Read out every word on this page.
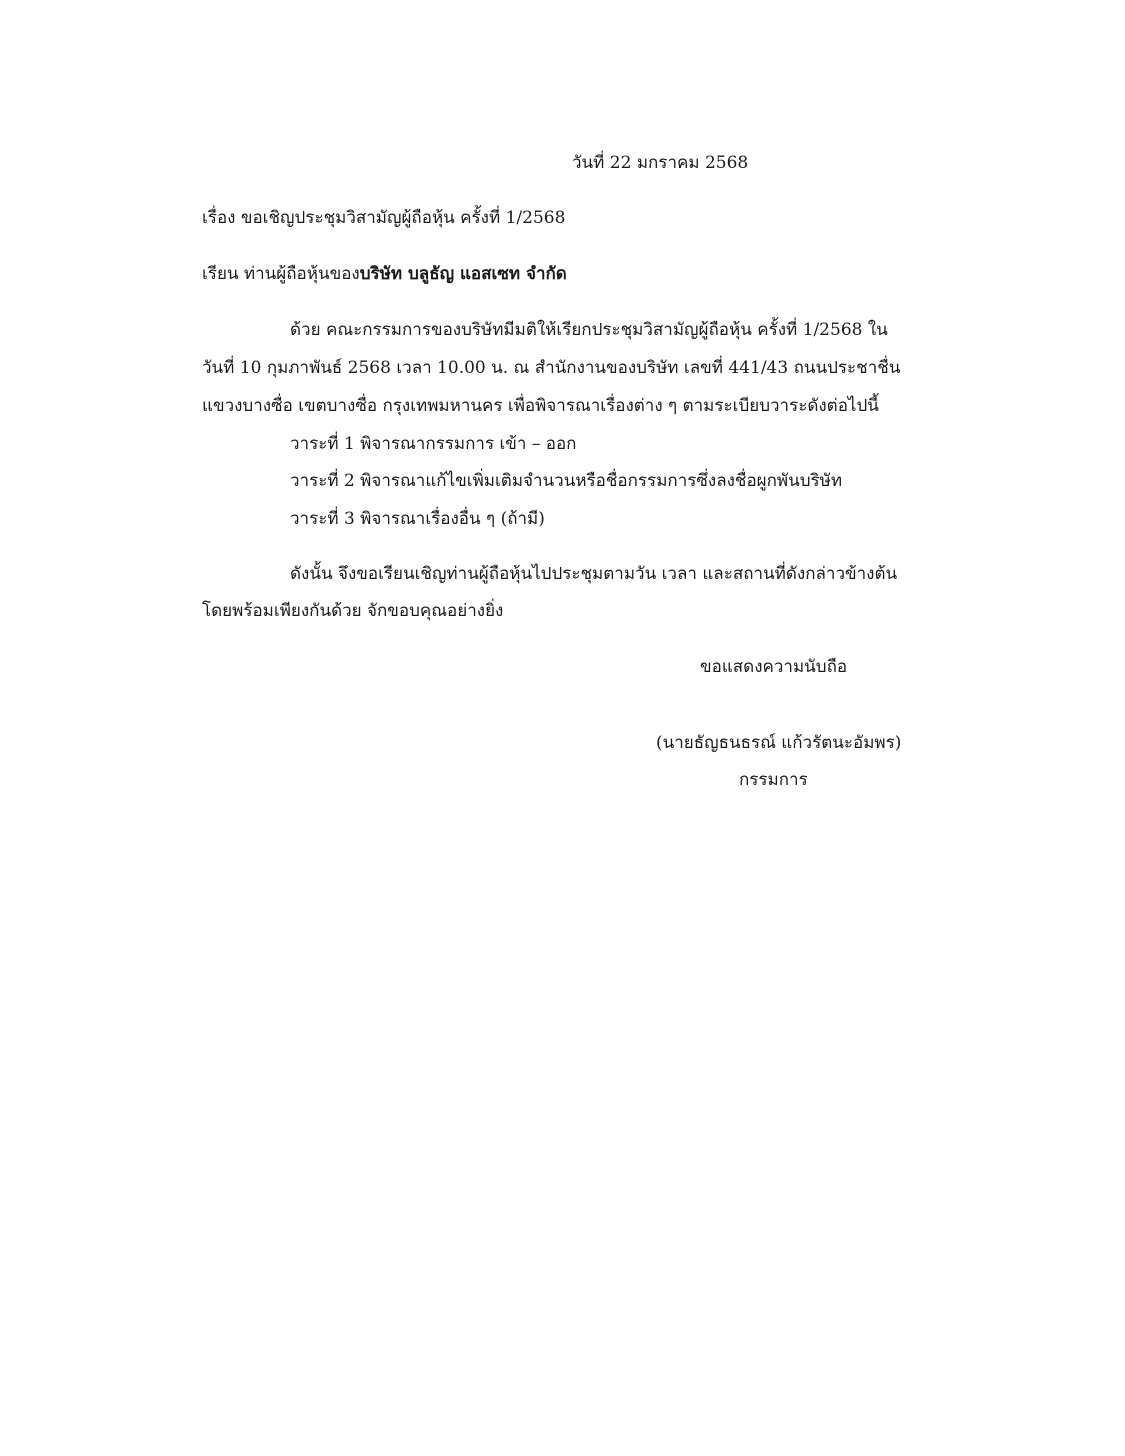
วันที่ 22 มกราคม 2568
เรื่อง ขอเชิญประชุมวิสามัญผู้ถือหุ้น ครั้งที่ 1/2568
เรียน ท่านผู้ถือหุ้นของบริษัท บลูธัญ แอสเซท จำกัด
ด้วย คณะกรรมการของบริษัทมีมติให้เรียกประชุมวิสามัญผู้ถือหุ้น ครั้งที่ 1/2568 ใน
วันที่ 10 กุมภาพันธ์ 2568 เวลา 10.00 น. ณ สำนักงานของบริษัท เลขที่ 441/43 ถนนประชาชื่น
แขวงบางซื่อ เขตบางซื่อ กรุงเทพมหานคร เพื่อพิจารณาเรื่องต่าง ๆ ตามระเบียบวาระดังต่อไปนี้
วาระที่ 1 พิจารณากรรมการ เข้า – ออก
วาระที่ 2 พิจารณาแก้ไขเพิ่มเติมจำนวนหรือชื่อกรรมการซึ่งลงชื่อผูกพันบริษัท
วาระที่ 3 พิจารณาเรื่องอื่น ๆ (ถ้ามี)
ดังนั้น จึงขอเรียนเชิญท่านผู้ถือหุ้นไปประชุมตามวัน เวลา และสถานที่ดังกล่าวข้างต้น
โดยพร้อมเพียงกันด้วย จักขอบคุณอย่างยิ่ง
ขอแสดงความนับถือ
(นายธัญธนธรณ์ แก้วรัตนะอัมพร)
กรรมการ
